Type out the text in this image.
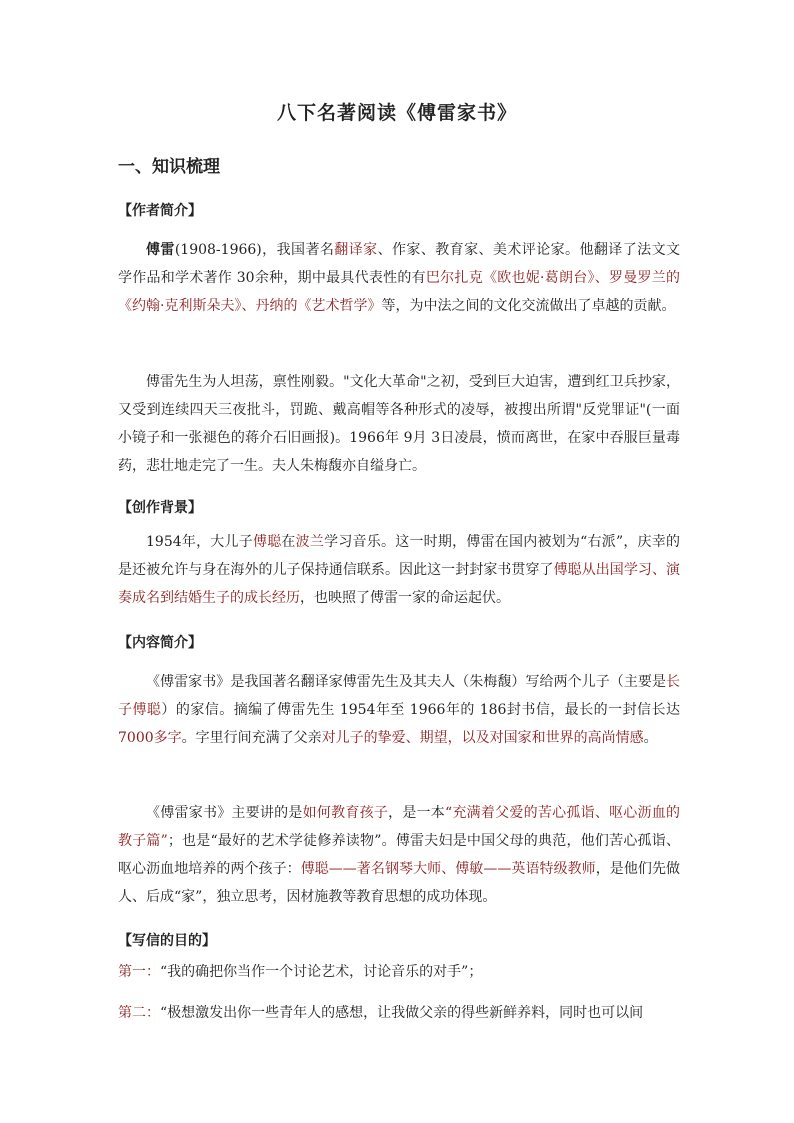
八下名著阅读《傅雷家书》
一、知识梳理
【作者简介】

傅雷(1908-1966)，我国著名翻译家、作家、教育家、美术评论家。他翻译了法文文学作品和学术著作 30余种，期中最具代表性的有巴尔扎克《欧也妮·葛朗台》、罗曼罗兰的《约翰·克利斯朵夫》、丹纳的《艺术哲学》等，为中法之间的文化交流做出了卓越的贡献。

傅雷先生为人坦荡，禀性刚毅。"文化大革命"之初，受到巨大迫害，遭到红卫兵抄家，又受到连续四天三夜批斗，罚跪、戴高帽等各种形式的凌辱，被搜出所谓"反党罪证"(一面小镜子和一张褪色的蒋介石旧画报)。1966年 9月 3日凌晨，愤而离世，在家中吞服巨量毒药，悲壮地走完了一生。夫人朱梅馥亦自缢身亡。

【创作背景】

1954年，大儿子傅聪在波兰学习音乐。这一时期，傅雷在国内被划为“右派”，庆幸的是还被允许与身在海外的儿子保持通信联系。因此这一封封家书贯穿了傅聪从出国学习、演奏成名到结婚生子的成长经历，也映照了傅雷一家的命运起伏。

【内容简介】

《傅雷家书》是我国著名翻译家傅雷先生及其夫人（朱梅馥）写给两个儿子（主要是长子傅聪）的家信。摘编了傅雷先生 1954年至 1966年的 186封书信，最长的一封信长达7000多字。字里行间充满了父亲对儿子的挚爱、期望，以及对国家和世界的高尚情感。

《傅雷家书》主要讲的是如何教育孩子，是一本“充满着父爱的苦心孤诣、呕心沥血的教子篇”；也是“最好的艺术学徒修养读物”。傅雷夫妇是中国父母的典范，他们苦心孤诣、呕心沥血地培养的两个孩子：傅聪——著名钢琴大师、傅敏——英语特级教师，是他们先做人、后成“家”，独立思考，因材施教等教育思想的成功体现。

【写信的目的】

第一：“我的确把你当作一个讨论艺术，讨论音乐的对手”；

第二：“极想激发出你一些青年人的感想，让我做父亲的得些新鲜养料，同时也可以间
